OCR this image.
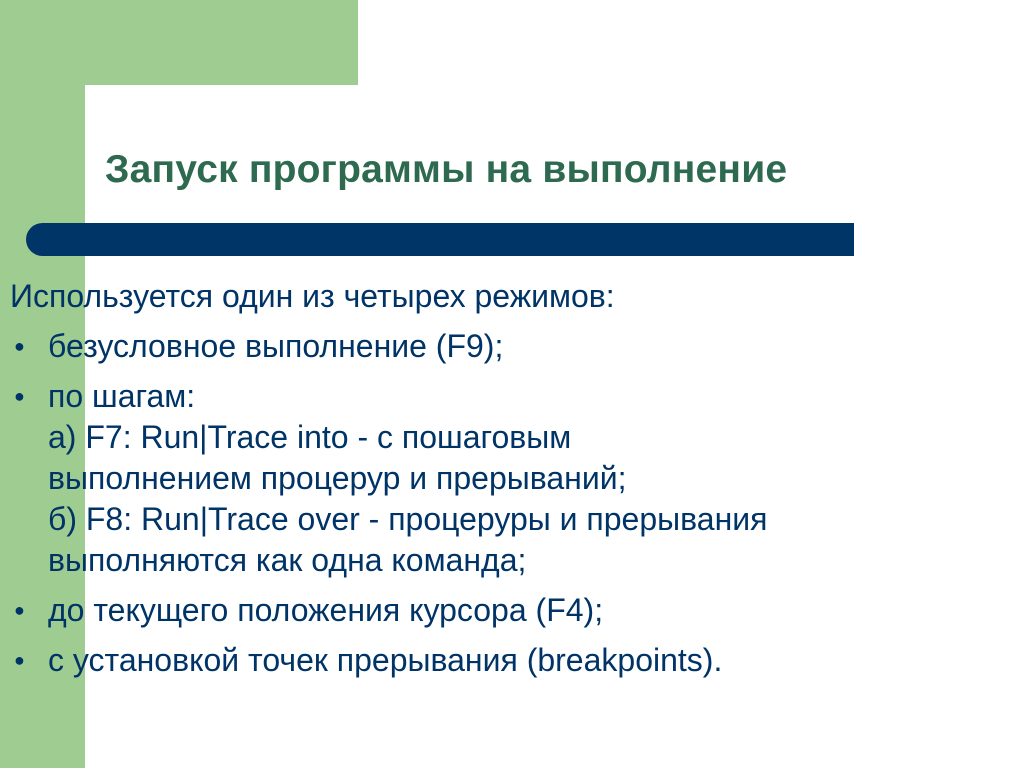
Запуск программы на выполнение

Используется один из четырех режимов:

● безусловное выполнение (F9);
● по шагам:
а) F7: Run|Trace into - с пошаговым
выполнением процерур и прерываний;
б) F8: Run|Trace over - процеруры и прерывания
выполняются как одна команда;
● до текущего положения курсора (F4);
● с установкой точек прерывания (breakpoints).
